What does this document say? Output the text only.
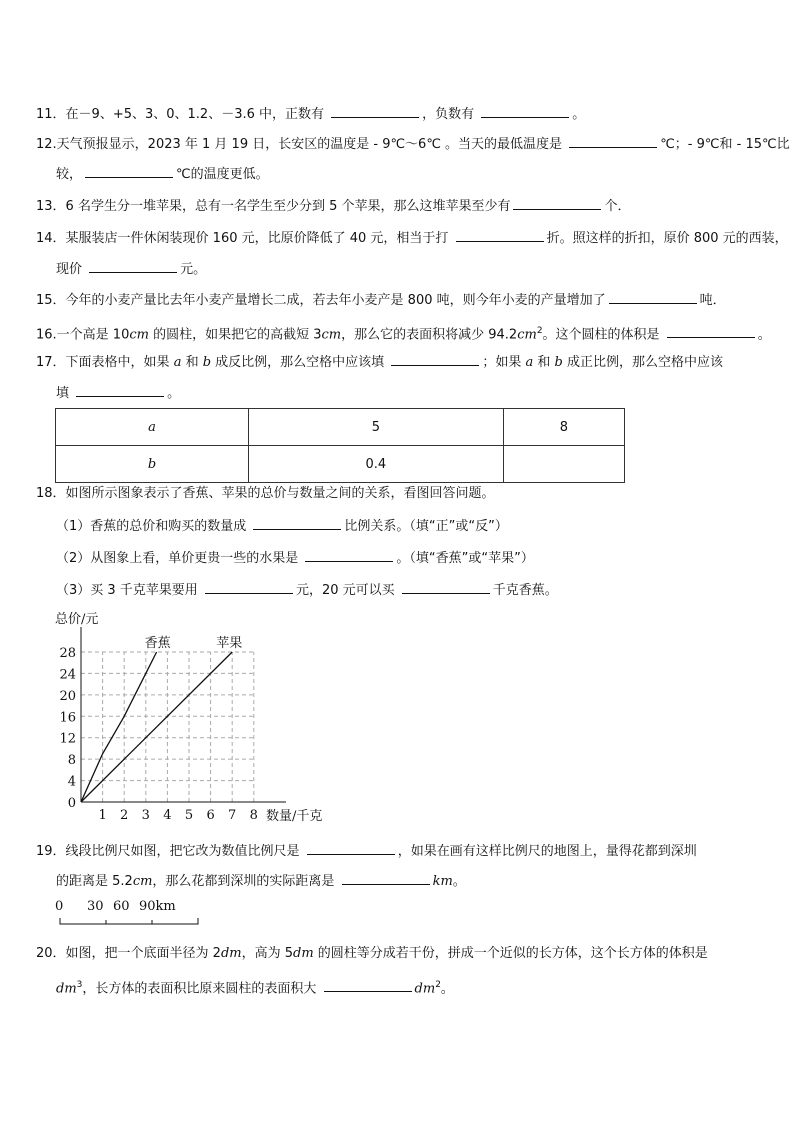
11．在－9、+5、3、0、1.2、－3.6 中，正数有	，负数有	。
12.天气预报显示，2023 年 1 月 19 日，长安区的温度是 - 9℃～6℃ 。当天的最低温度是	℃；- 9℃和 - 15℃比
较，	℃的温度更低。
13．6 名学生分一堆苹果，总有一名学生至少分到 5 个苹果，那么这堆苹果至少有	个．
14．某服装店一件休闲装现价 160 元，比原价降低了 40 元，相当于打	折。照这样的折扣，原价 800 元的西装，
现价	元。
15．今年的小麦产量比去年小麦产量增长二成，若去年小麦产是 800 吨，则今年小麦的产量增加了	吨．
16.一个高是 10cm 的圆柱，如果把它的高截短 3cm，那么它的表面积将减少 $94.2cm^2$。这个圆柱的体积是	。
17．下面表格中，如果 a 和 b 成反比例，那么空格中应该填	；如果 a 和 b 成正比例，那么空格中应该
填	。
18．如图所示图象表示了香蕉、苹果的总价与数量之间的关系，看图回答问题。
（1）香蕉的总价和购买的数量成	比例关系。（填“正”或“反”）
（2）从图象上看，单价更贵一些的水果是	。（填“香蕉”或“苹果”）
（3）买 3 千克苹果要用	元，20 元可以买	千克香蕉。
19．线段比例尺如图，把它改为数值比例尺是	，如果在画有这样比例尺的地图上，量得花都到深圳
的距离是 5.2cm，那么花都到深圳的实际距离是	km。
20．如图，把一个底面半径为 2dm，高为 5dm 的圆柱等分成若干份，拼成一个近似的长方体，这个长方体的体积是
$dm^3$，长方体的表面积比原来圆柱的表面积大	$dm^2$。
a	5	8
b	0.4	
0
4
8
12
16
20
24
28
1 2 3 4 5 6 7 8
总价/元
数量/千克
香蕉	苹果
0 30 60 90km
